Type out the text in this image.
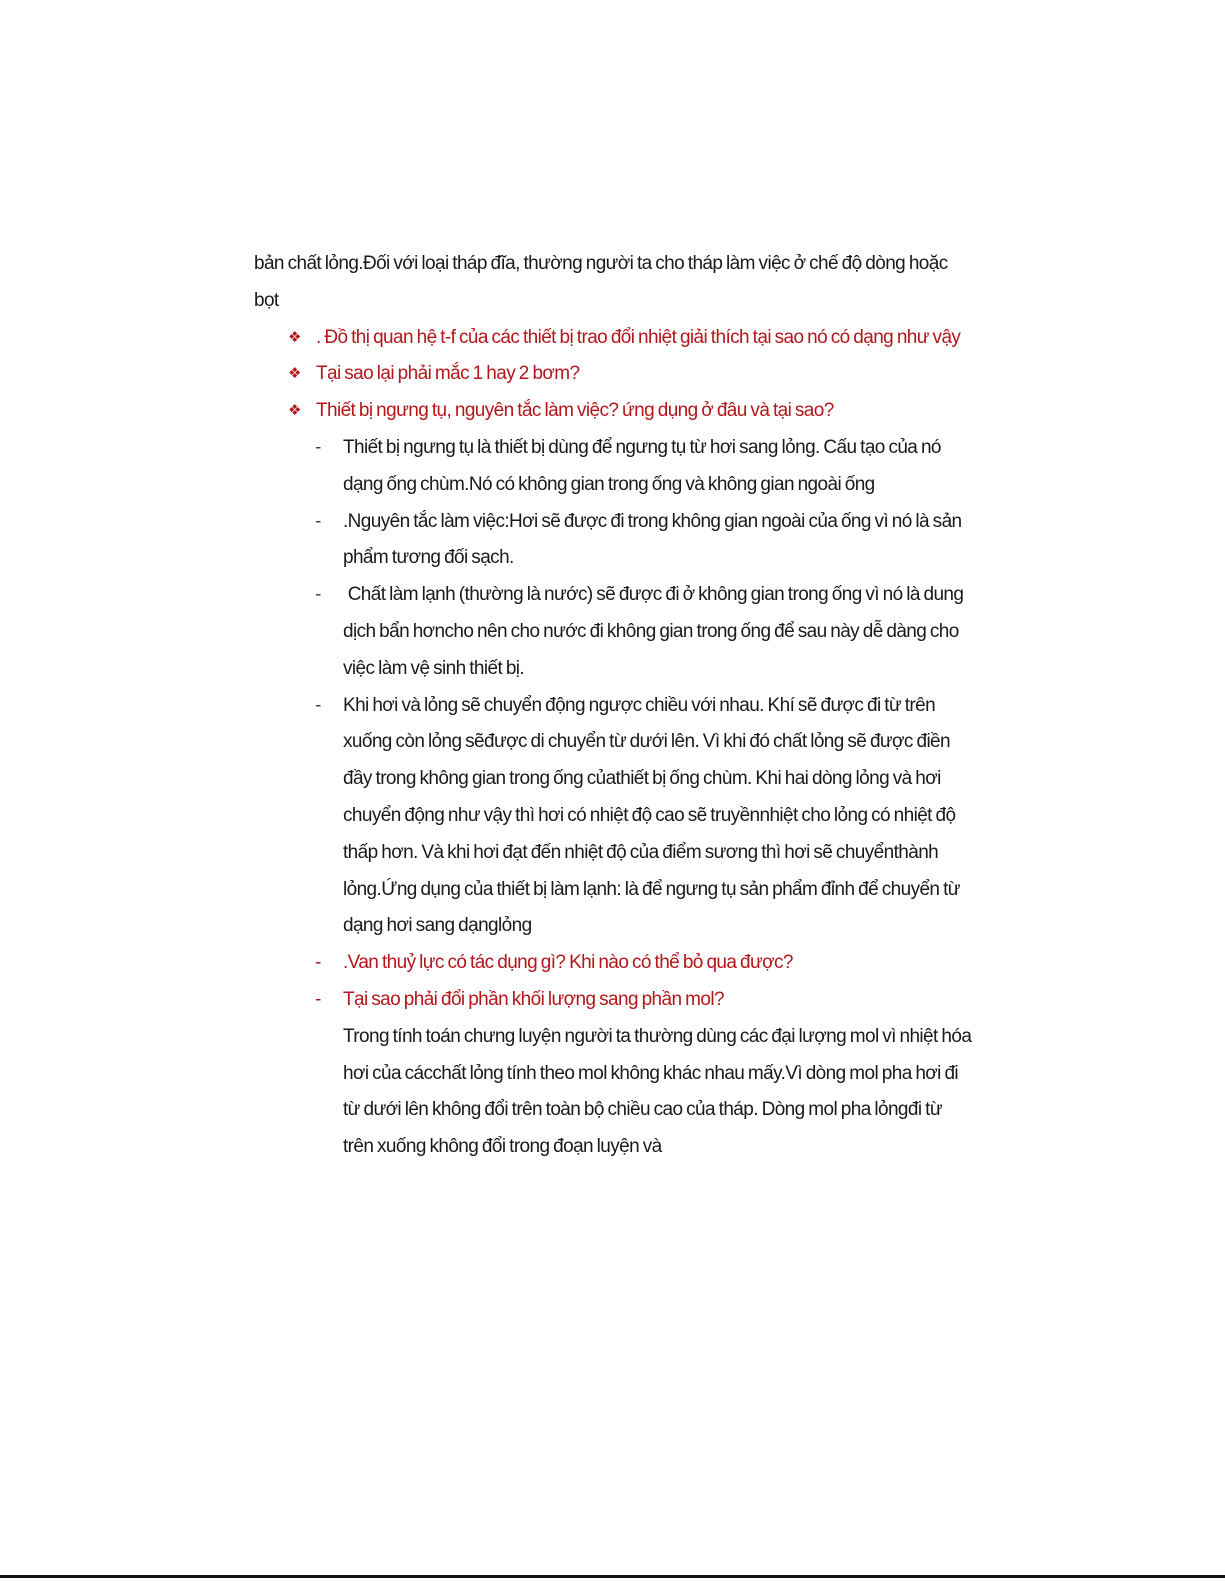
bản chất lỏng.Đối với loại tháp đĩa, thường người ta cho tháp làm việc ở chế độ dòng hoặc bọt

❖ . Đồ thị quan hệ t-f của các thiết bị trao đổi nhiệt giải thích tại sao nó có dạng như vậy
❖ Tại sao lại phải mắc 1 hay 2 bơm?
❖ Thiết bị ngưng tụ, nguyên tắc làm việc? ứng dụng ở đâu và tại sao?
- Thiết bị ngưng tụ là thiết bị dùng để ngưng tụ từ hơi sang lỏng. Cấu tạo của nó dạng ống chùm.Nó có không gian trong ống và không gian ngoài ống
- .Nguyên tắc làm việc:Hơi sẽ được đi trong không gian ngoài của ống vì nó là sản phẩm tương đối sạch.
- Chất làm lạnh (thường là nước) sẽ được đi ở không gian trong ống vì nó là dung dịch bẩn hơncho nên cho nước đi không gian trong ống để sau này dễ dàng cho việc làm vệ sinh thiết bị.
- Khi hơi và lỏng sẽ chuyển động ngược chiều với nhau. Khí sẽ được đi từ trên xuống còn lỏng sẽđược di chuyển từ dưới lên. Vì khi đó chất lỏng sẽ được điền đầy trong không gian trong ống củathiết bị ống chùm. Khi hai dòng lỏng và hơi chuyển động như vậy thì hơi có nhiệt độ cao sẽ truyềnnhiệt cho lỏng có nhiệt độ thấp hơn. Và khi hơi đạt đến nhiệt độ của điểm sương thì hơi sẽ chuyểnthành lỏng.Ứng dụng của thiết bị làm lạnh: là để ngưng tụ sản phẩm đỉnh để chuyển từ dạng hơi sang dạnglỏng
- .Van thuỷ lực có tác dụng gì? Khi nào có thể bỏ qua được?
- Tại sao phải đổi phần khối lượng sang phần mol?

Trong tính toán chưng luyện người ta thường dùng các đại lượng mol vì nhiệt hóa hơi của cácchất lỏng tính theo mol không khác nhau mấy.Vì dòng mol pha hơi đi từ dưới lên không đổi trên toàn bộ chiều cao của tháp. Dòng mol pha lỏngđi từ trên xuống không đổi trong đoạn luyện và
